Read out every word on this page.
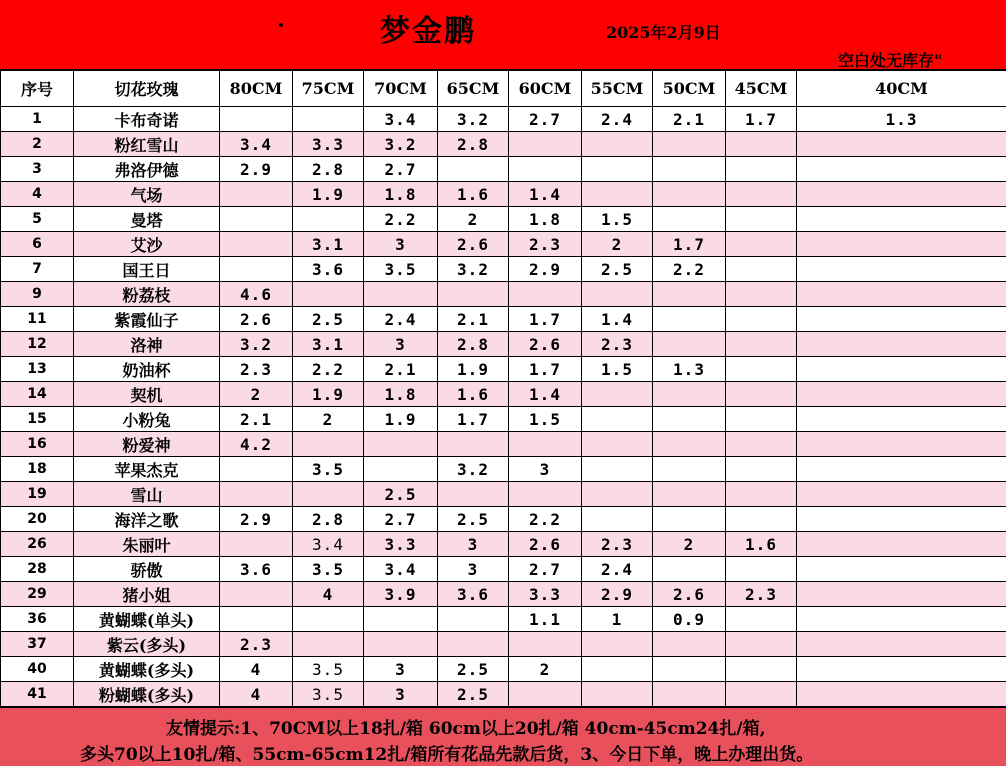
・	梦金鹏	2025年2月9日
空白处无库存"
序号	切花玫瑰	80CM	75CM	70CM	65CM	60CM	55CM	50CM	45CM	40CM
1	卡布奇诺			3.4	3.2	2.7	2.4	2.1	1.7	1.3
2	粉红雪山	3.4	3.3	3.2	2.8					
3	弗洛伊德	2.9	2.8	2.7						
4	气场		1.9	1.8	1.6	1.4				
5	曼塔			2.2	2	1.8	1.5			
6	艾沙		3.1	3	2.6	2.3	2	1.7		
7	国王日		3.6	3.5	3.2	2.9	2.5	2.2		
9	粉荔枝	4.6								
11	紫霞仙子	2.6	2.5	2.4	2.1	1.7	1.4			
12	洛神	3.2	3.1	3	2.8	2.6	2.3			
13	奶油杯	2.3	2.2	2.1	1.9	1.7	1.5	1.3		
14	契机	2	1.9	1.8	1.6	1.4				
15	小粉兔	2.1	2	1.9	1.7	1.5				
16	粉爱神	4.2								
18	苹果杰克		3.5		3.2	3				
19	雪山			2.5						
20	海洋之歌	2.9	2.8	2.7	2.5	2.2				
26	朱丽叶		3.4	3.3	3	2.6	2.3	2	1.6	
28	骄傲	3.6	3.5	3.4	3	2.7	2.4			
29	猪小姐		4	3.9	3.6	3.3	2.9	2.6	2.3	
36	黄蝴蝶(单头)					1.1	1	0.9		
37	紫云(多头)	2.3								
40	黄蝴蝶(多头)	4	3.5	3	2.5	2				
41	粉蝴蝶(多头)	4	3.5	3	2.5					
友情提示:1、70CM以上18扎/箱 60cm以上20扎/箱 40cm-45cm24扎/箱,
多头70以上10扎/箱、55cm-65cm12扎/箱所有花品先款后货，3、今日下单，晚上办理出货。
